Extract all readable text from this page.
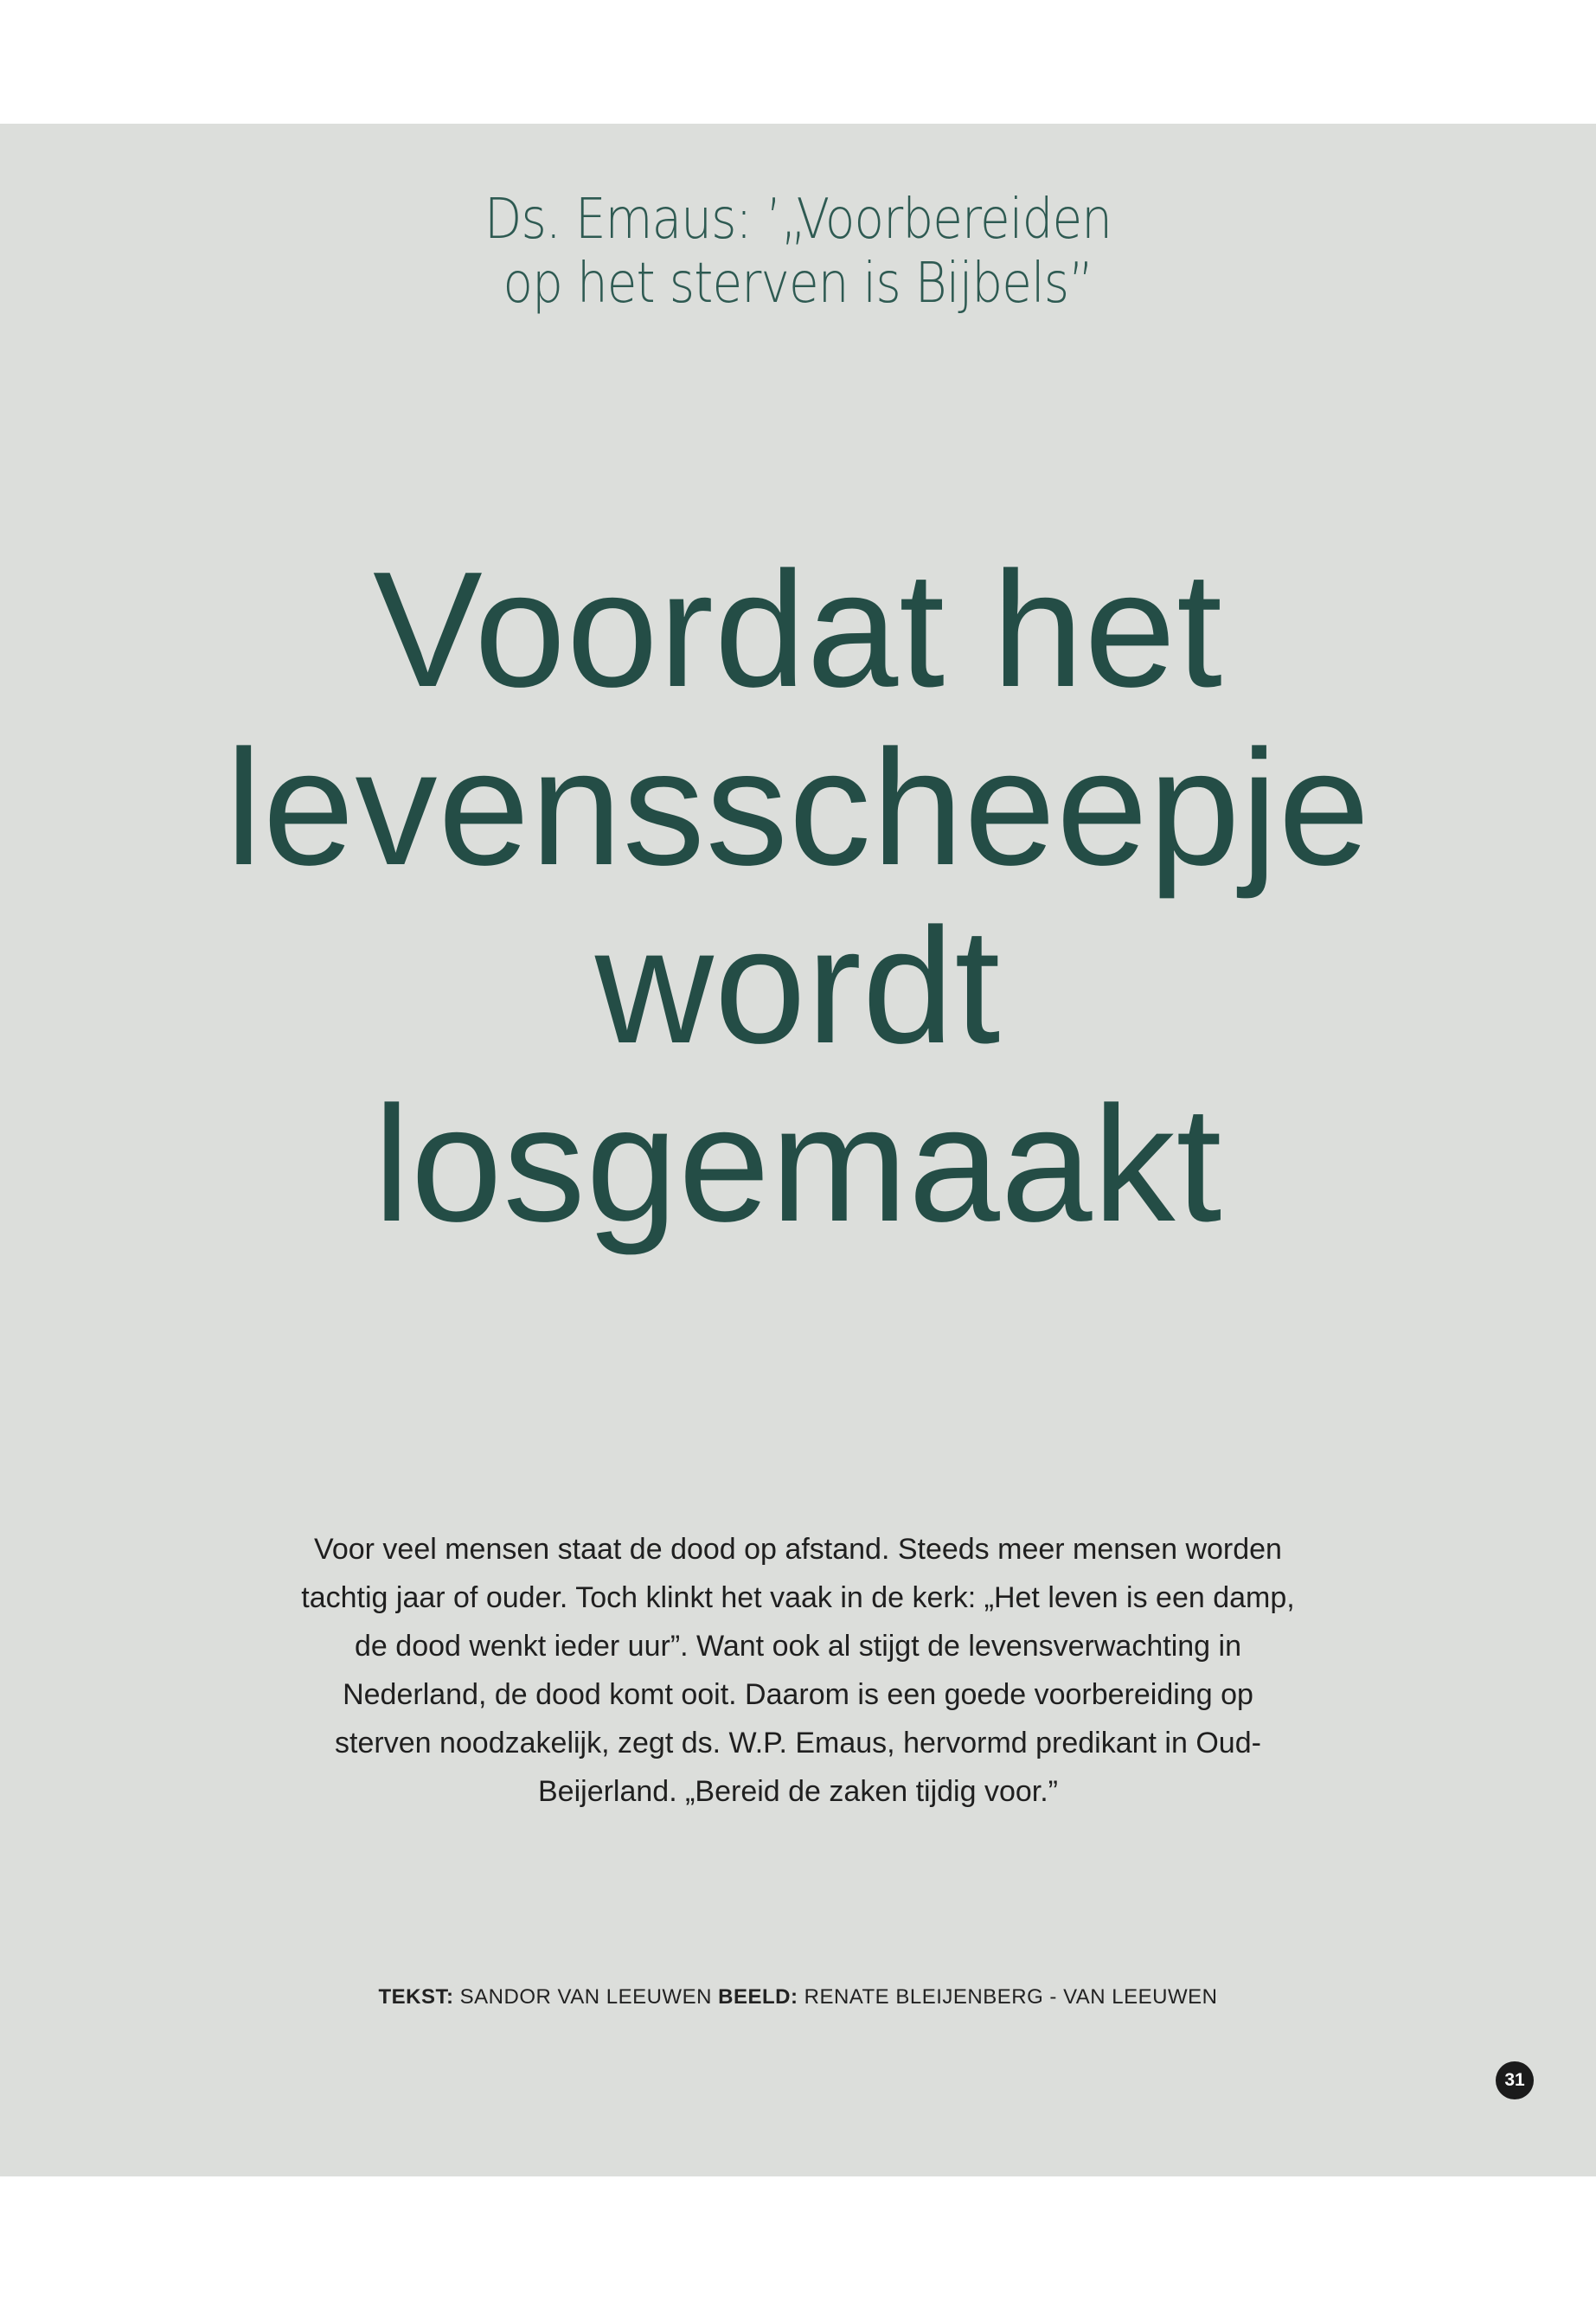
Ds. Emaus: ’„Voorbereiden
op het sterven is Bijbels”
Voordat het
levensscheepje
wordt
losgemaakt
Voor veel mensen staat de dood op afstand. Steeds meer mensen worden tachtig jaar of ouder. Toch klinkt het vaak in de kerk: „Het leven is een damp, de dood wenkt ieder uur”. Want ook al stijgt de levensverwachting in Nederland, de dood komt ooit. Daarom is een goede voorbereiding op sterven noodzakelijk, zegt ds. W.P. Emaus, hervormd predikant in Oud-Beijerland. „Bereid de zaken tijdig voor.”
TEKST: SANDOR VAN LEEUWEN BEELD: RENATE BLEIJENBERG - VAN LEEUWEN
31
